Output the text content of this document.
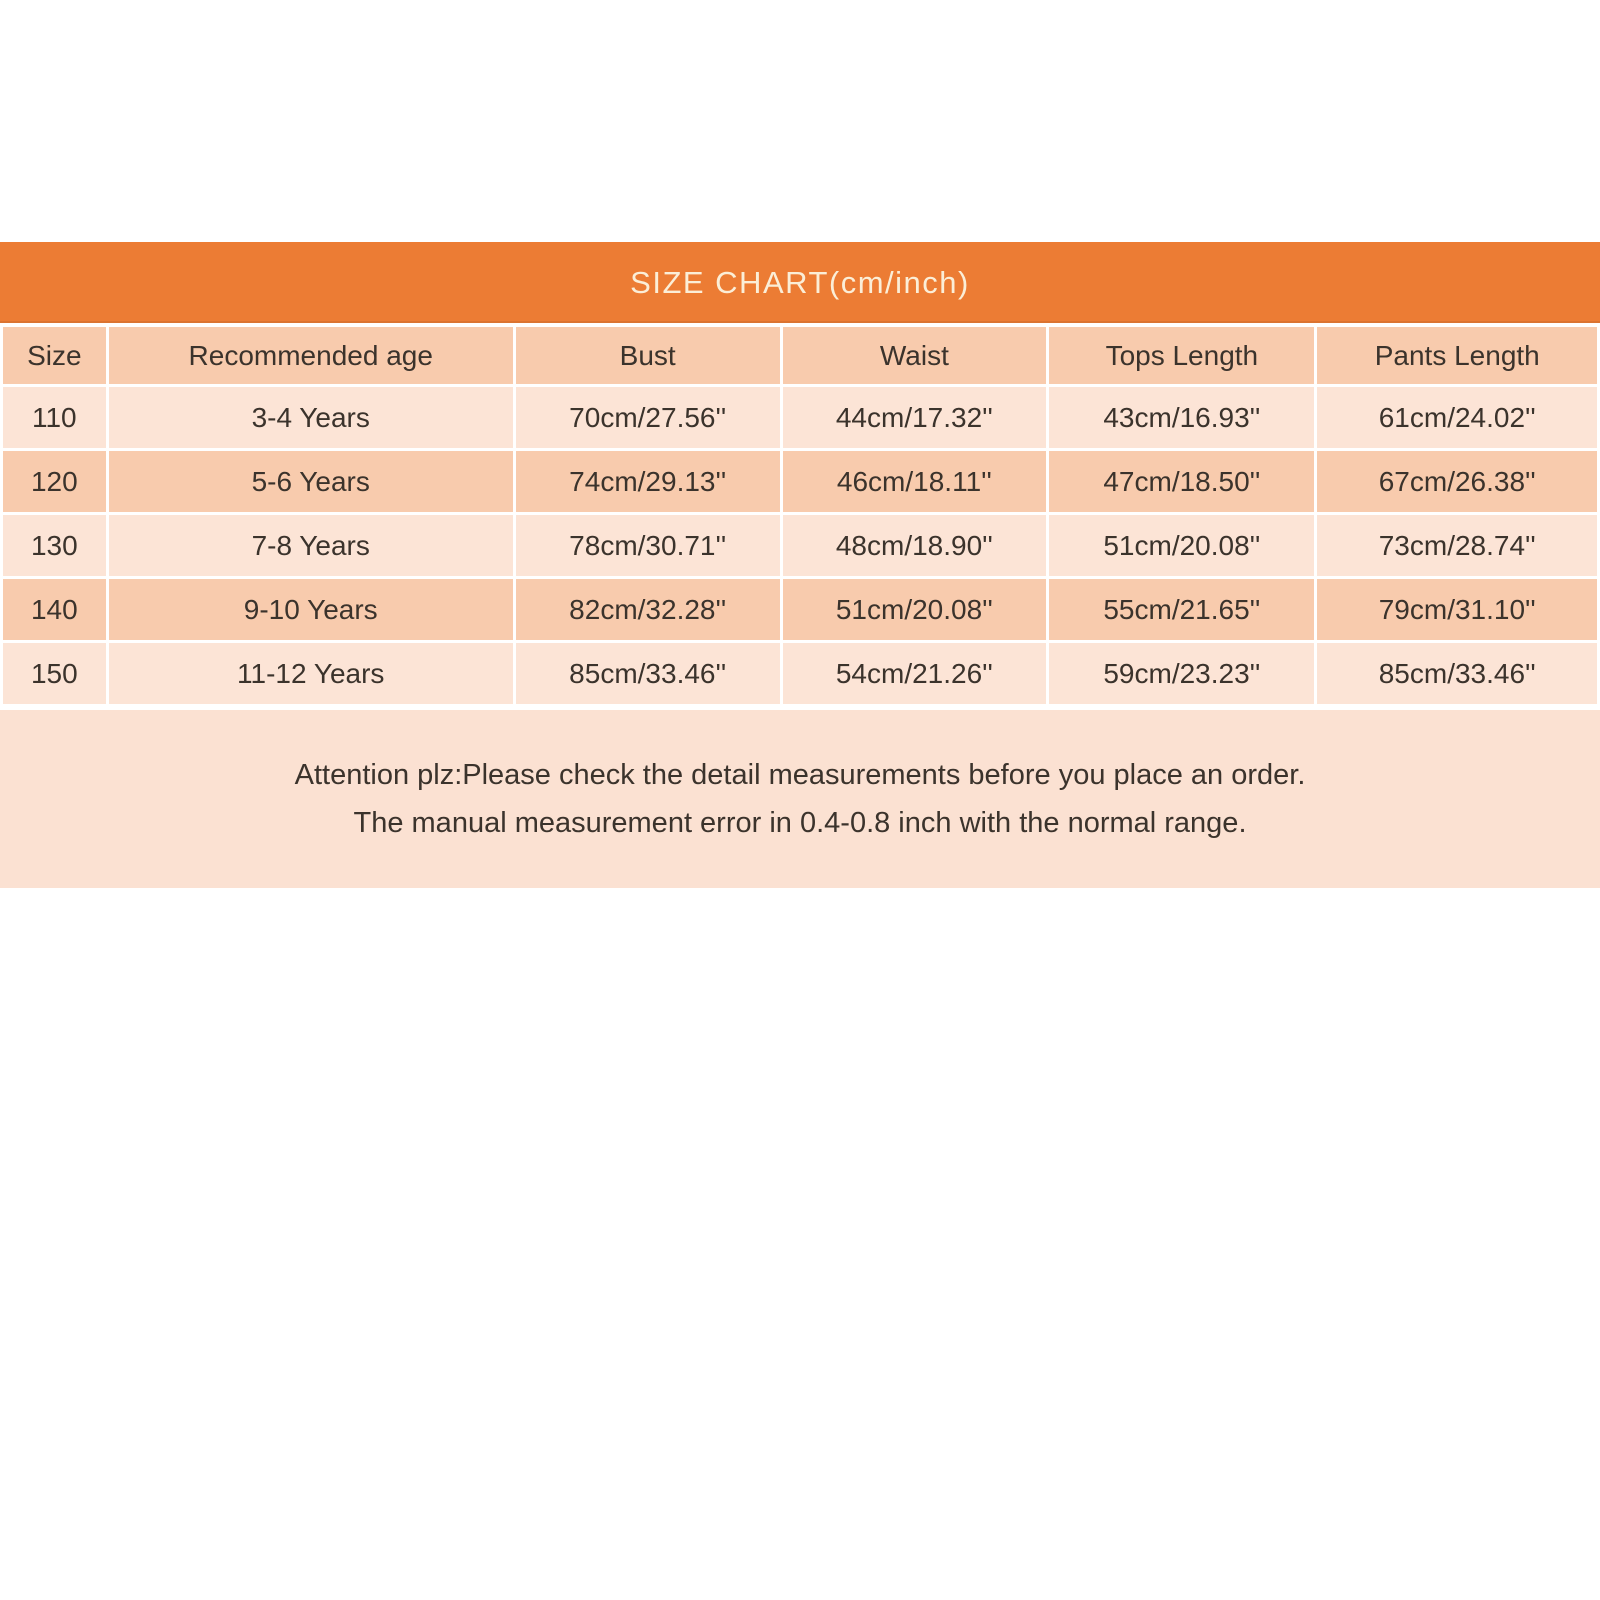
SIZE CHART(cm/inch)
Size	Recommended age	Bust	Waist	Tops Length	Pants Length
110	3-4 Years	70cm/27.56''	44cm/17.32''	43cm/16.93''	61cm/24.02''
120	5-6 Years	74cm/29.13''	46cm/18.11''	47cm/18.50''	67cm/26.38''
130	7-8 Years	78cm/30.71''	48cm/18.90''	51cm/20.08''	73cm/28.74''
140	9-10 Years	82cm/32.28''	51cm/20.08''	55cm/21.65''	79cm/31.10''
150	11-12 Years	85cm/33.46''	54cm/21.26''	59cm/23.23''	85cm/33.46''
Attention plz:Please check the detail measurements before you place an order.
The manual measurement error in 0.4-0.8 inch with the normal range.
